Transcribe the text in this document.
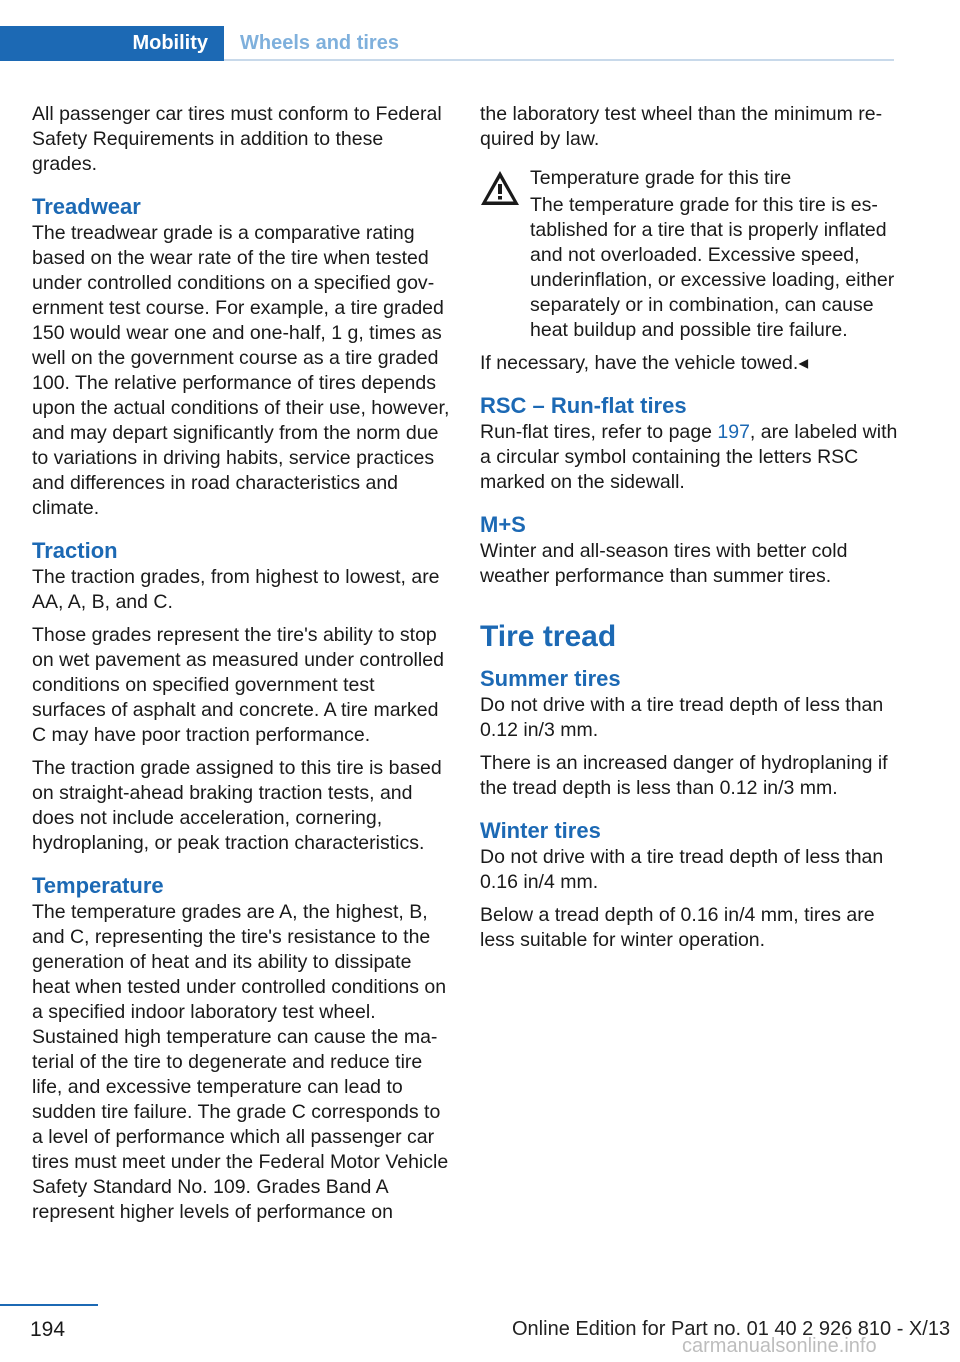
Mobility	Wheels and tires

All passenger car tires must conform to Federal Safety Requirements in addition to these grades.

Treadwear

The treadwear grade is a comparative rating based on the wear rate of the tire when tested under controlled conditions on a specified government test course. For example, a tire graded 150 would wear one and one-half, 1 g, times as well on the government course as a tire graded 100. The relative performance of tires depends upon the actual conditions of their use, however, and may depart significantly from the norm due to variations in driving habits, service practices and differences in road characteristics and climate.

Traction

The traction grades, from highest to lowest, are AA, A, B, and C.

Those grades represent the tire's ability to stop on wet pavement as measured under controlled conditions on specified government test surfaces of asphalt and concrete. A tire marked C may have poor traction performance.

The traction grade assigned to this tire is based on straight-ahead braking traction tests, and does not include acceleration, cornering, hydroplaning, or peak traction characteristics.

Temperature

The temperature grades are A, the highest, B, and C, representing the tire's resistance to the generation of heat and its ability to dissipate heat when tested under controlled conditions on a specified indoor laboratory test wheel. Sustained high temperature can cause the material of the tire to degenerate and reduce tire life, and excessive temperature can lead to sudden tire failure. The grade C corresponds to a level of performance which all passenger car tires must meet under the Federal Motor Vehicle Safety Standard No. 109. Grades Band A represent higher levels of performance on

the laboratory test wheel than the minimum required by law.

Temperature grade for this tire

The temperature grade for this tire is established for a tire that is properly inflated and not overloaded. Excessive speed, underinflation, or excessive loading, either separately or in combination, can cause heat buildup and possible tire failure.

If necessary, have the vehicle towed.◂

RSC – Run-flat tires

Run-flat tires, refer to page 197, are labeled with a circular symbol containing the letters RSC marked on the sidewall.

M+S

Winter and all-season tires with better cold weather performance than summer tires.

Tire tread
Summer tires

Do not drive with a tire tread depth of less than 0.12 in/3 mm.

There is an increased danger of hydroplaning if the tread depth is less than 0.12 in/3 mm.

Winter tires

Do not drive with a tire tread depth of less than 0.16 in/4 mm.

Below a tread depth of 0.16 in/4 mm, tires are less suitable for winter operation.

194	Online Edition for Part no. 01 40 2 926 810 - X/13
carmanualsonline.info
